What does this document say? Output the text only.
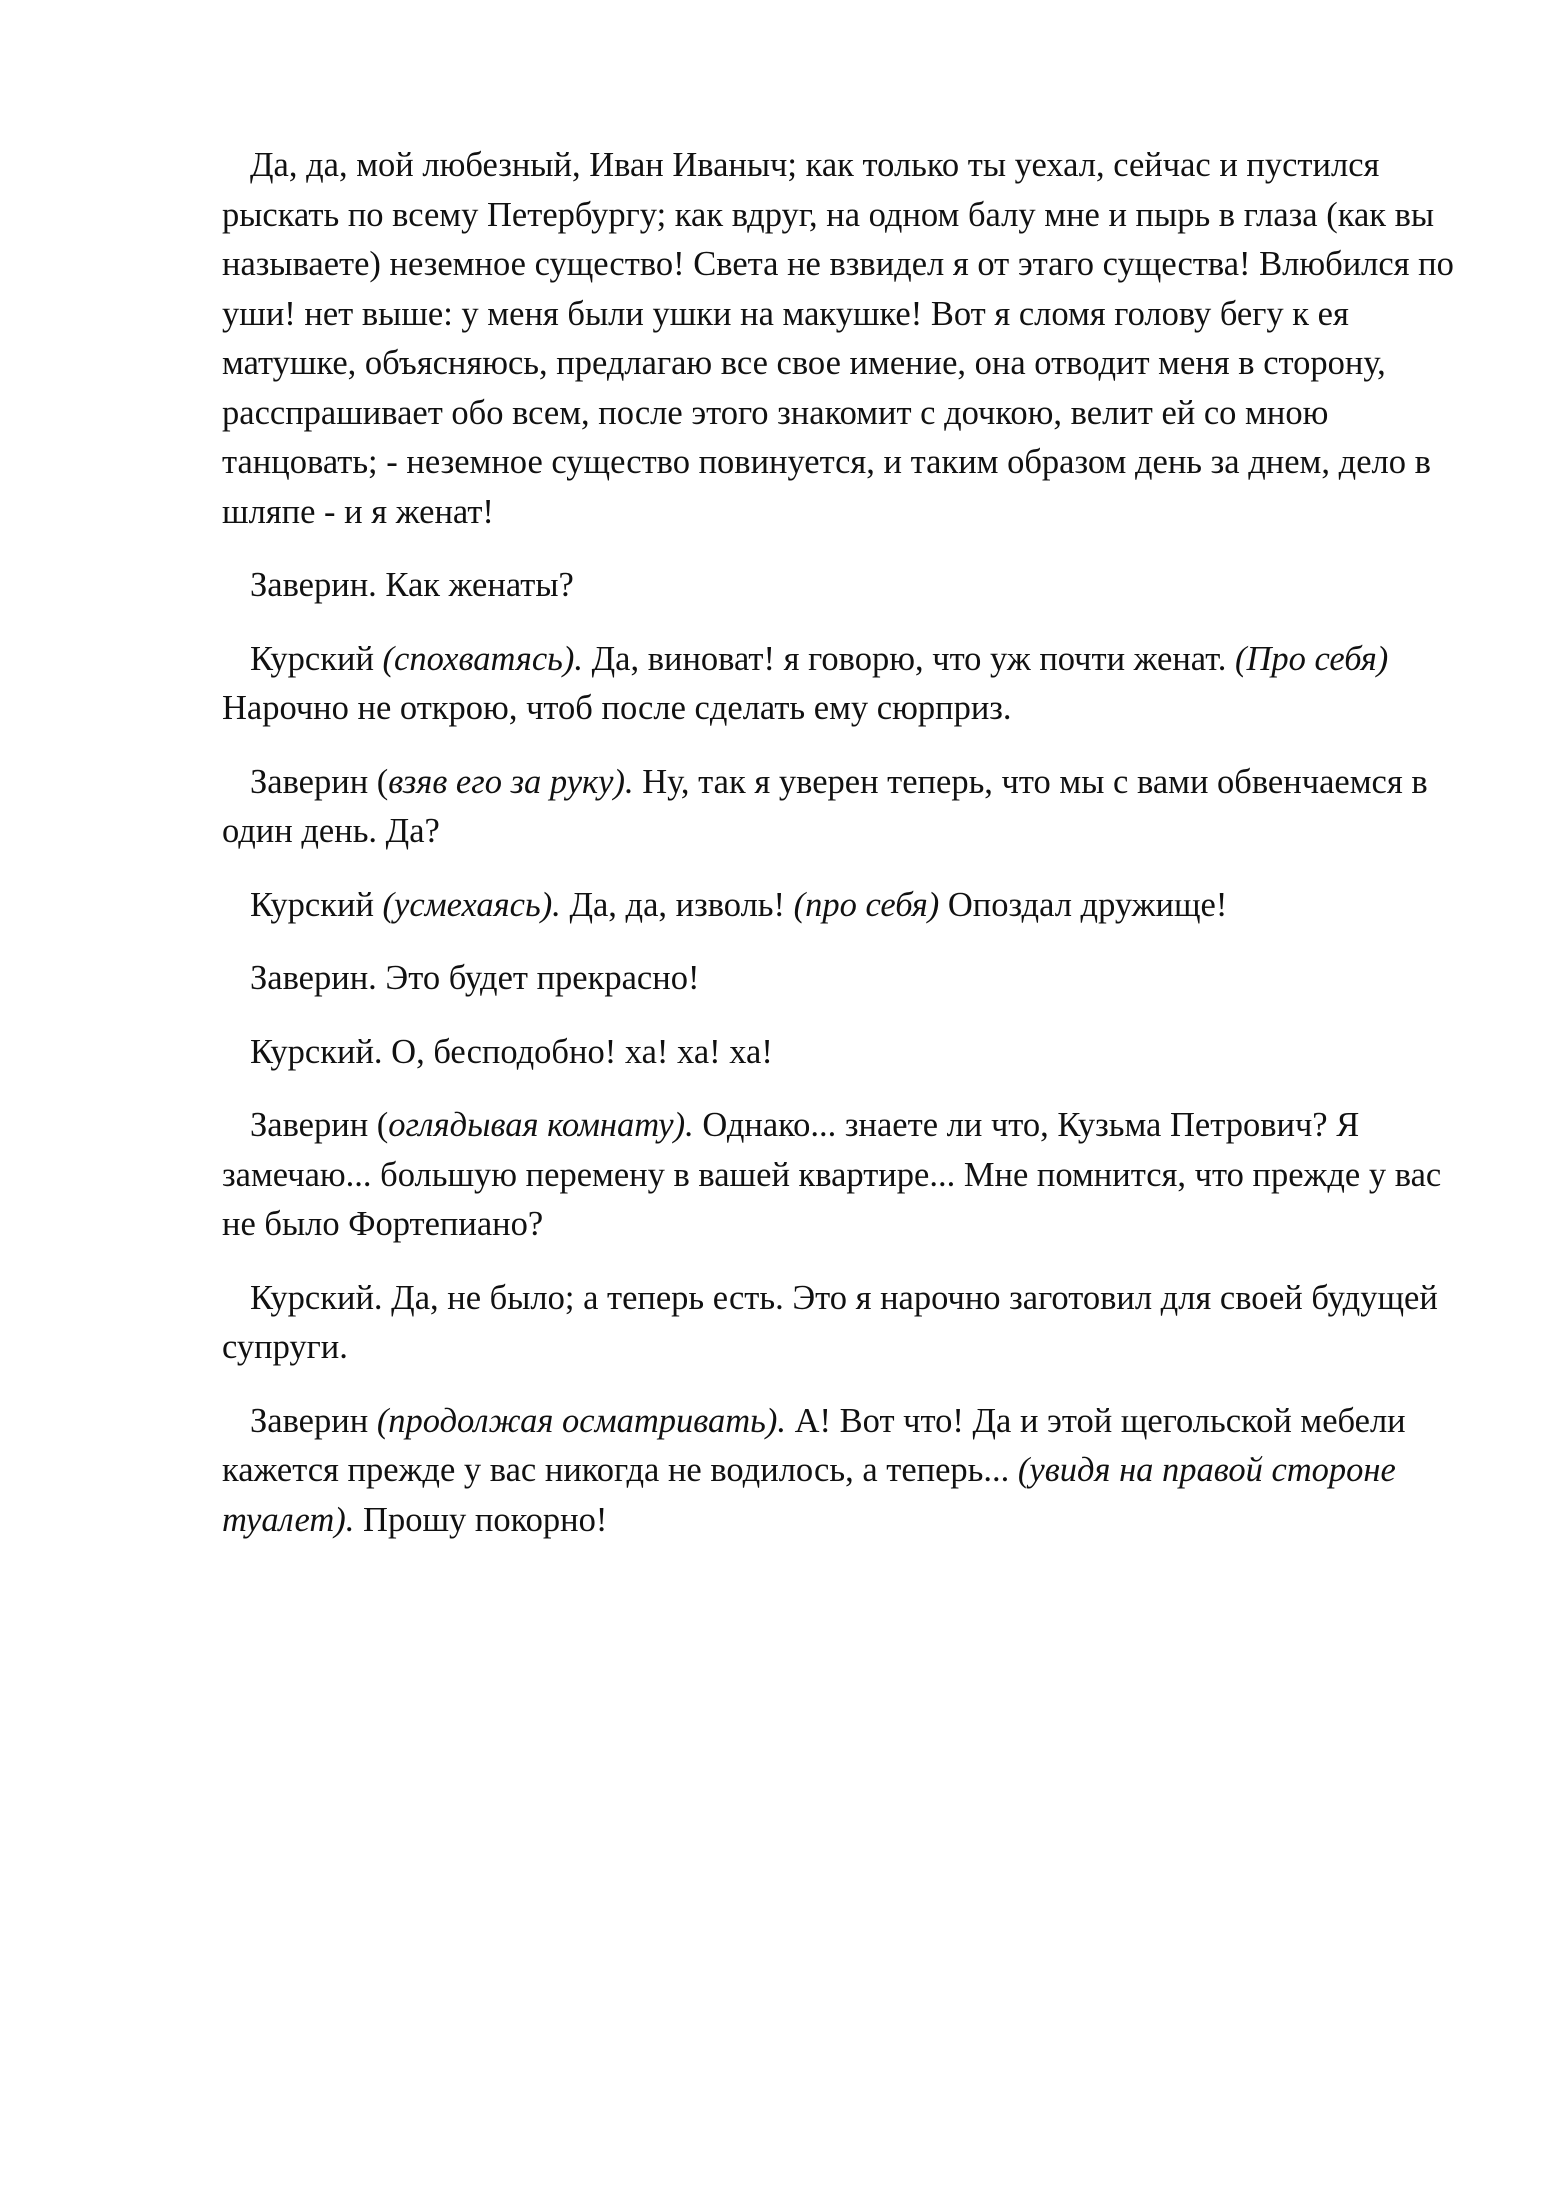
Да, да, мой любезный, Иван Иваныч; как только ты уехал, сейчас и пустился рыскать по всему Петербургу; как вдруг, на одном балу мне и пырь в глаза (как вы называете) неземное существо! Света не взвидел я от этаго существа! Влюбился по уши! нет выше: у меня были ушки на макушке! Вот я сломя голову бегу к ея матушке, объясняюсь, предлагаю все свое имение, она отводит меня в сторону, расспрашивает обо всем, после этого знакомит с дочкою, велит ей со мною танцовать; - неземное существо повинуется, и таким образом день за днем, дело в шляпе - и я женат!

Заверин. Как женаты?

Курский (спохватясь). Да, виноват! я говорю, что уж почти женат. (Про себя) Нарочно не открою, чтоб после сделать ему сюрприз.

Заверин (взяв его за руку). Ну, так я уверен теперь, что мы с вами обвенчаемся в один день. Да?

Курский (усмехаясь). Да, да, изволь! (про себя) Опоздал дружище!

Заверин. Это будет прекрасно!

Курский. О, бесподобно! ха! ха! ха!

Заверин (оглядывая комнату). Однако... знаете ли что, Кузьма Петрович? Я замечаю... большую перемену в вашей квартире... Мне помнится, что прежде у вас не было Фортепиано?

Курский. Да, не было; а теперь есть. Это я нарочно заготовил для своей будущей супруги.

Заверин (продолжая осматривать). А! Вот что! Да и этой щегольской мебели кажется прежде у вас никогда не водилось, а теперь... (увидя на правой стороне туалет). Прошу покорно!
